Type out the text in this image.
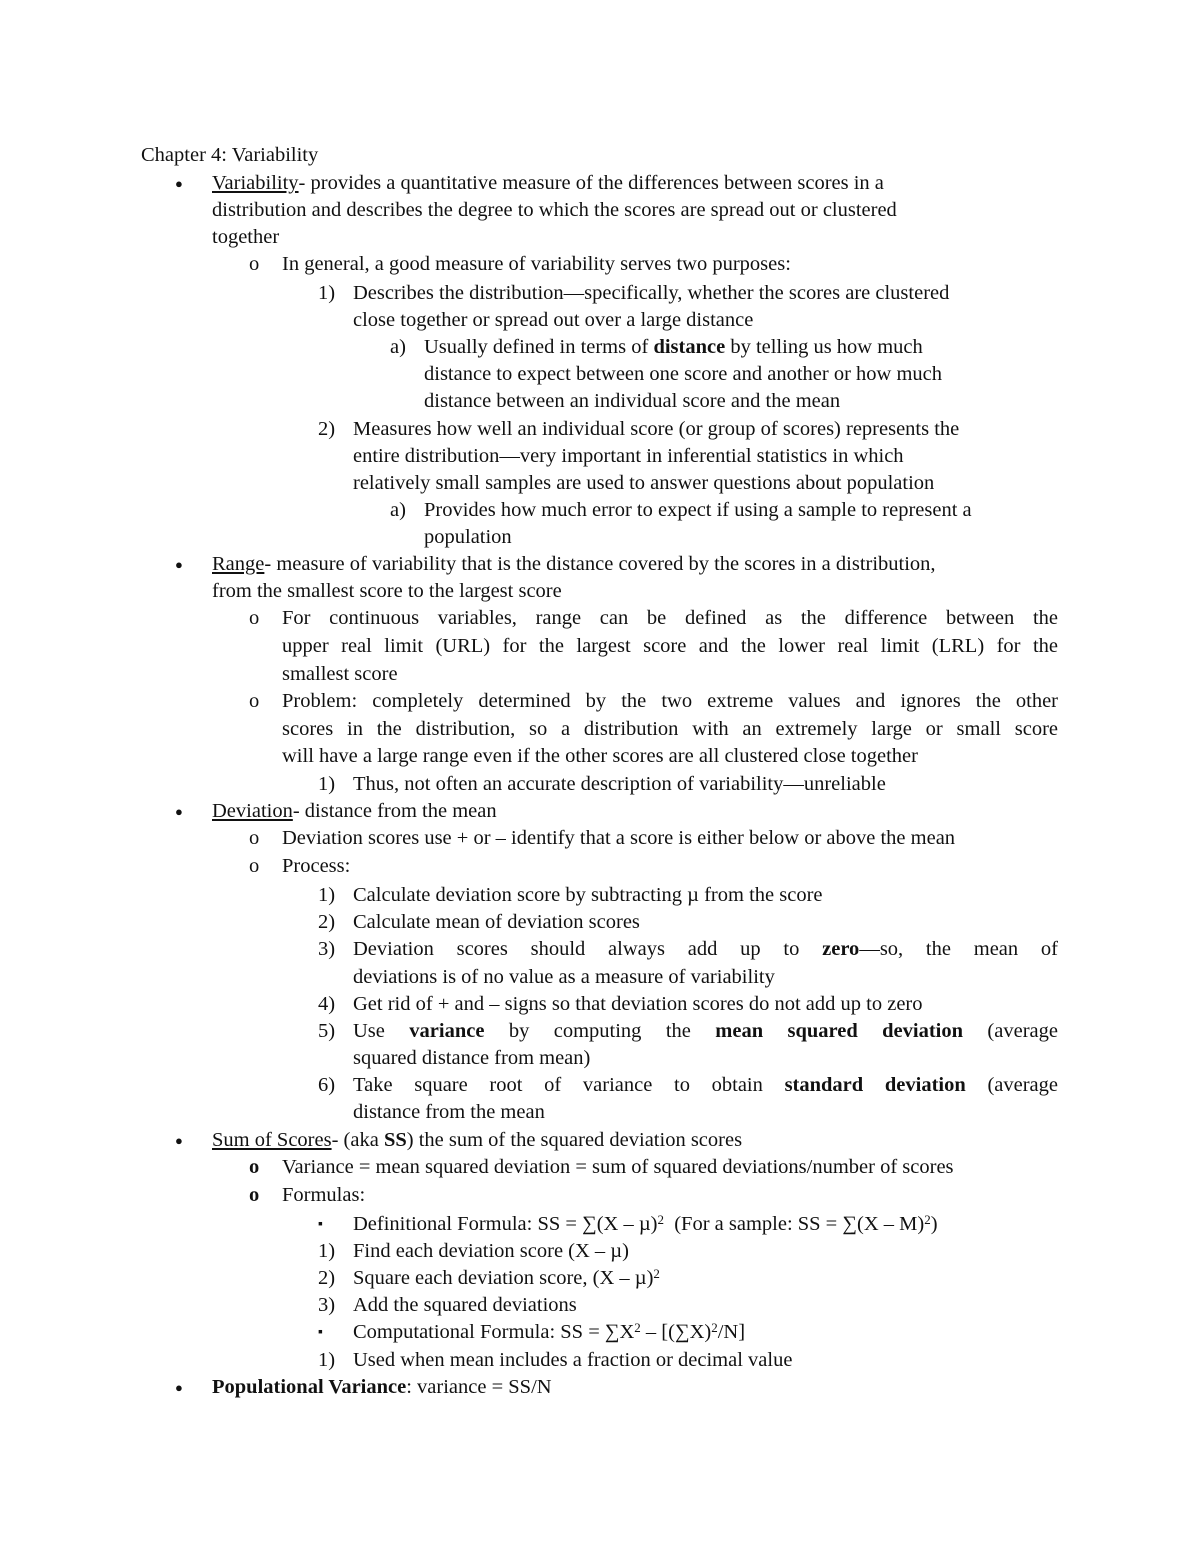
Chapter 4: Variability
● Variability- provides a quantitative measure of the differences between scores in a
distribution and describes the degree to which the scores are spread out or clustered
together
o In general, a good measure of variability serves two purposes:
1) Describes the distribution—specifically, whether the scores are clustered
close together or spread out over a large distance
a) Usually defined in terms of distance by telling us how much
distance to expect between one score and another or how much
distance between an individual score and the mean
2) Measures how well an individual score (or group of scores) represents the
entire distribution—very important in inferential statistics in which
relatively small samples are used to answer questions about population
a) Provides how much error to expect if using a sample to represent a
population
● Range- measure of variability that is the distance covered by the scores in a distribution,
from the smallest score to the largest score
o For continuous variables, range can be defined as the difference between the
upper real limit (URL) for the largest score and the lower real limit (LRL) for the
smallest score
o Problem: completely determined by the two extreme values and ignores the other
scores in the distribution, so a distribution with an extremely large or small score
will have a large range even if the other scores are all clustered close together
1) Thus, not often an accurate description of variability—unreliable
● Deviation- distance from the mean
o Deviation scores use + or – identify that a score is either below or above the mean
o Process:
1) Calculate deviation score by subtracting µ from the score
2) Calculate mean of deviation scores
3) Deviation scores should always add up to zero—so, the mean of
deviations is of no value as a measure of variability
4) Get rid of + and – signs so that deviation scores do not add up to zero
5) Use variance by computing the mean squared deviation (average
squared distance from mean)
6) Take square root of variance to obtain standard deviation (average
distance from the mean
● Sum of Scores- (aka SS) the sum of the squared deviation scores
o Variance = mean squared deviation = sum of squared deviations/number of scores
o Formulas:
▪ Definitional Formula: SS = ∑(X – µ)$^2$  (For a sample: SS = ∑(X – M)$^2$)
1) Find each deviation score (X – µ)
2) Square each deviation score, (X – µ)$^2$
3) Add the squared deviations
▪ Computational Formula: SS = $\sum X^2 - [(\sum X)^2/N]$
1) Used when mean includes a fraction or decimal value
● Populational Variance: variance = SS/N
